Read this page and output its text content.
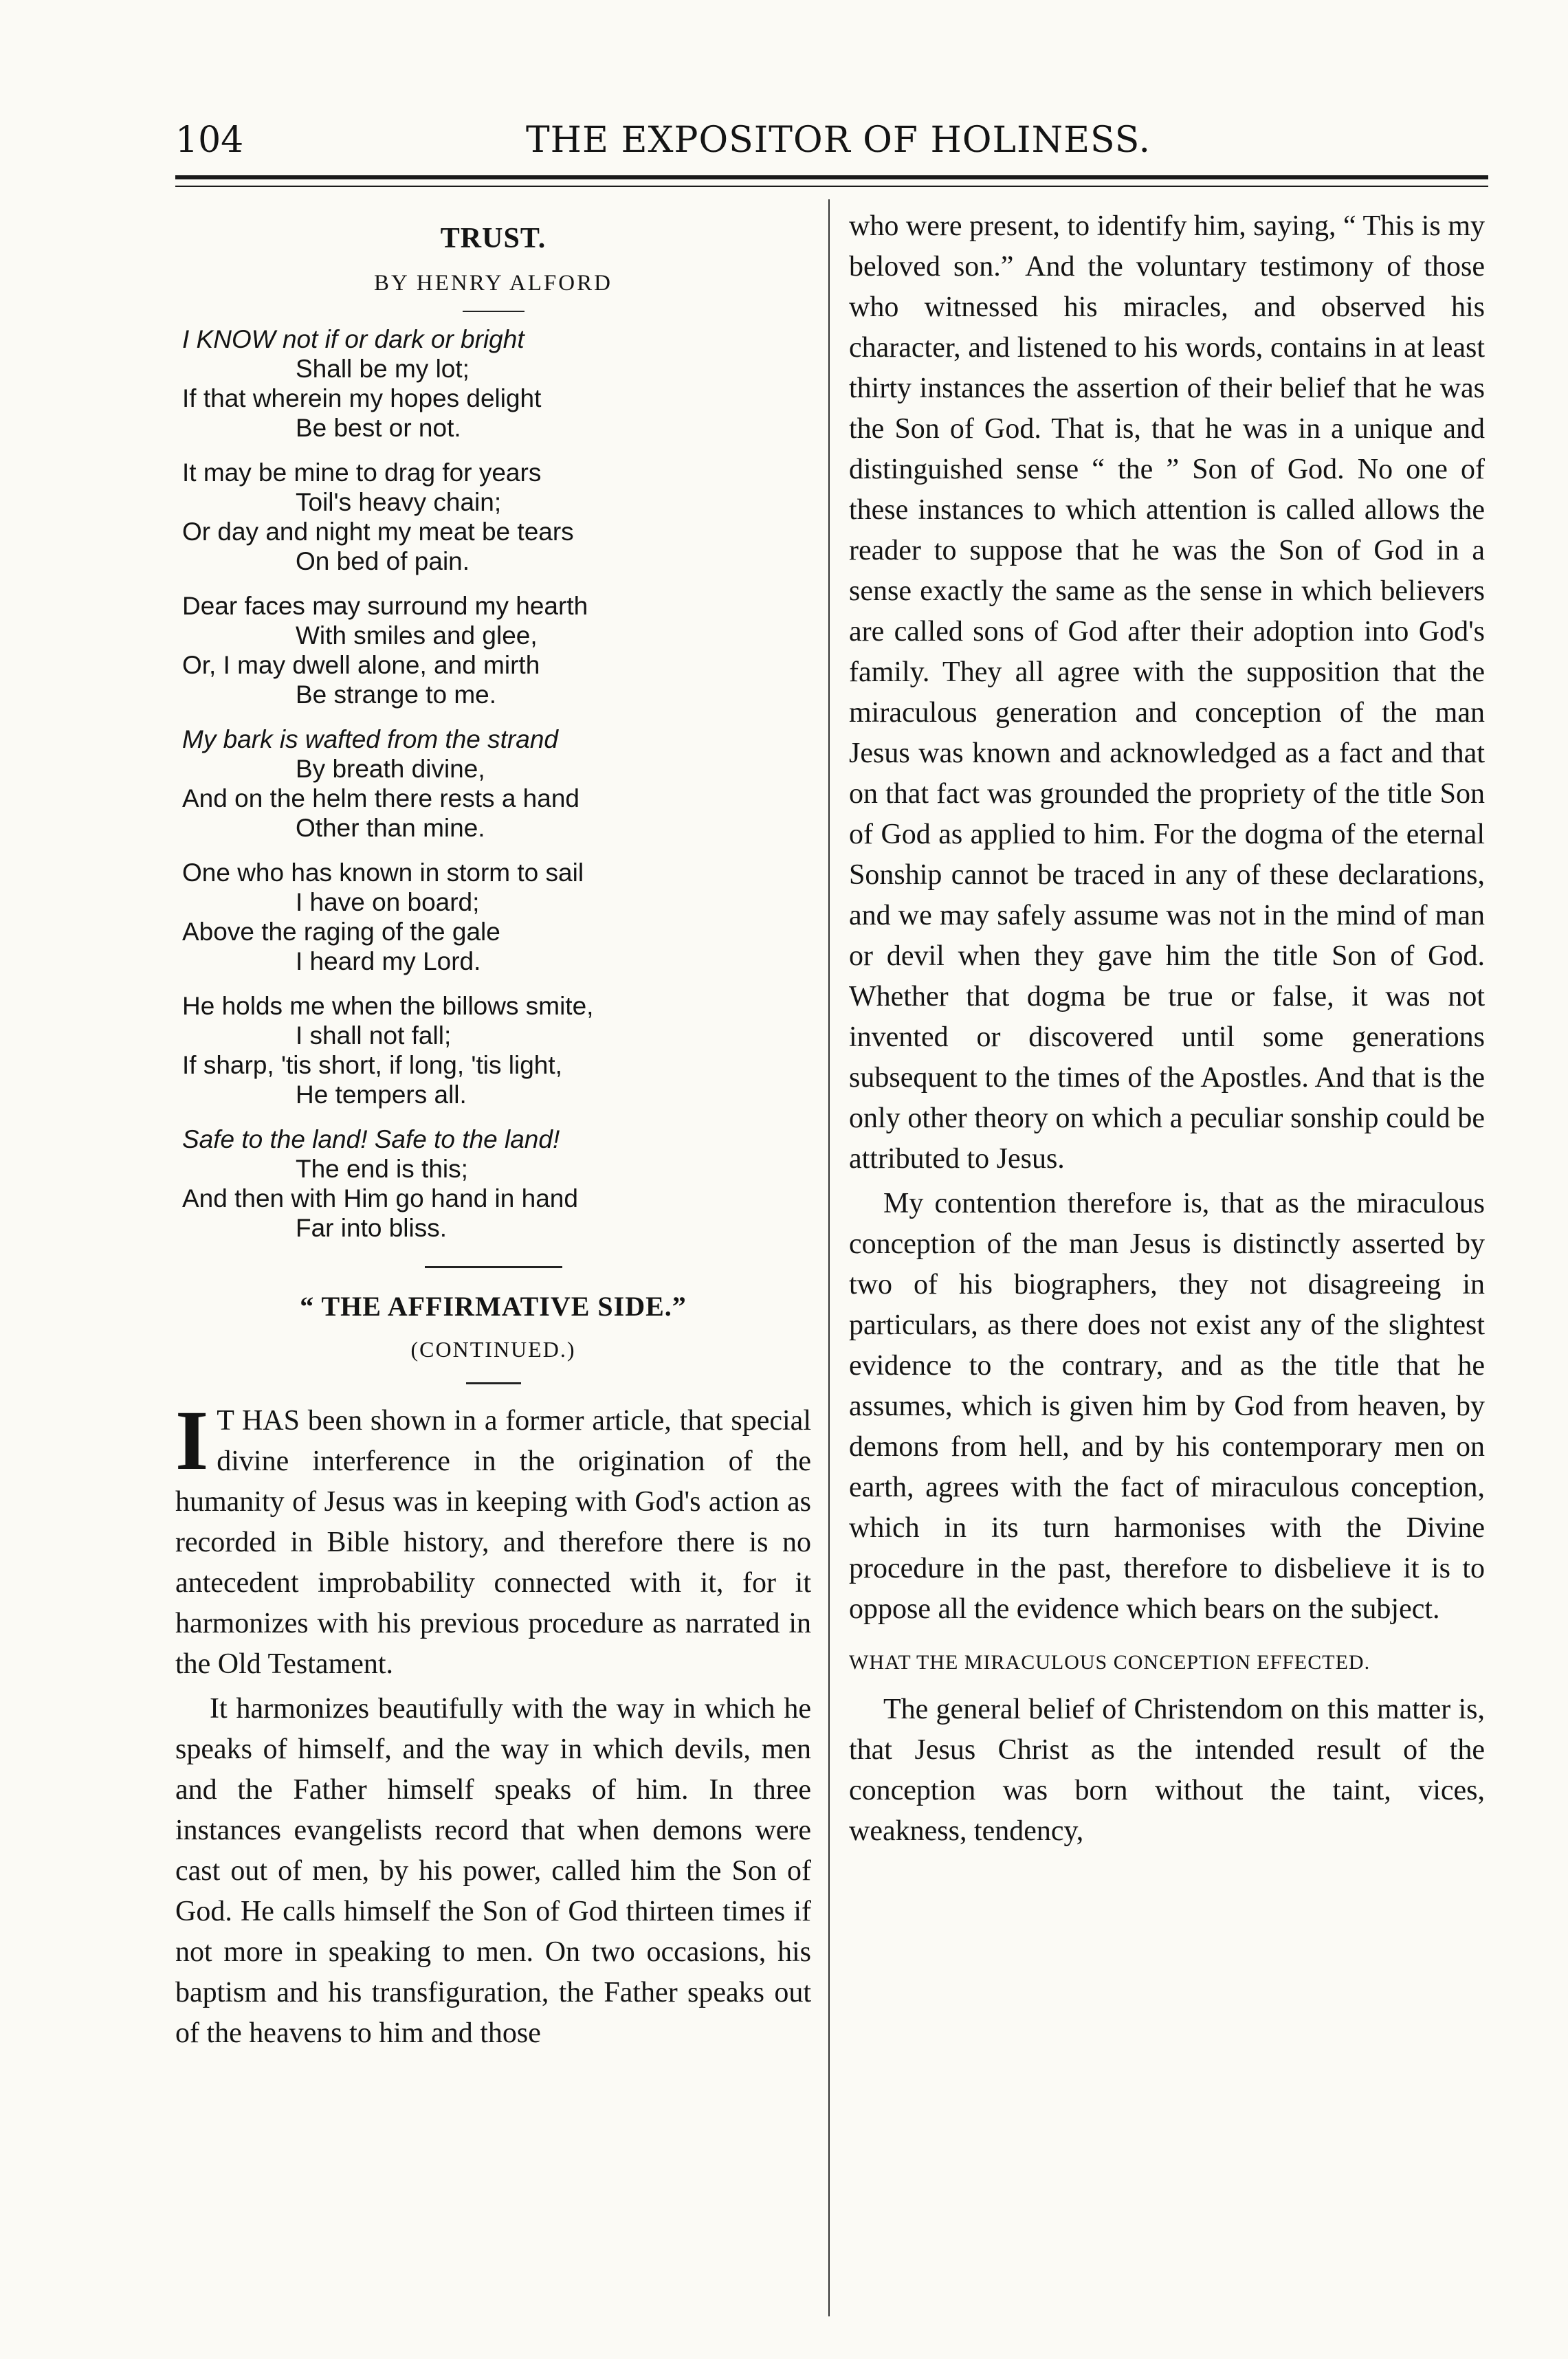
104	THE EXPOSITOR OF HOLINESS.
TRUST.
BY HENRY ALFORD
I KNOW not if or dark or bright
Shall be my lot;
If that wherein my hopes delight
Be best or not.
It may be mine to drag for years
Toil's heavy chain;
Or day and night my meat be tears
On bed of pain.
Dear faces may surround my hearth
With smiles and glee,
Or, I may dwell alone, and mirth
Be strange to me.
My bark is wafted from the strand
By breath divine,
And on the helm there rests a hand
Other than mine.
One who has known in storm to sail
I have on board;
Above the raging of the gale
I heard my Lord.
He holds me when the billows smite,
I shall not fall;
If sharp, 'tis short, if long, 'tis light,
He tempers all.
Safe to the land! Safe to the land!
The end is this;
And then with Him go hand in hand
Far into bliss.
“ THE AFFIRMATIVE SIDE.”
(CONTINUED.)

I T HAS been shown in a former article, that special divine interference in the origination of the humanity of Jesus was in keeping with God's action as recorded in Bible history, and therefore there is no antecedent improbability connected with it, for it harmonizes with his previous procedure as narrated in the Old Testament.

It harmonizes beautifully with the way in which he speaks of himself, and the way in which devils, men and the Father himself speaks of him. In three instances evangelists record that when demons were cast out of men, by his power, called him the Son of God. He calls himself the Son of God thirteen times if not more in speaking to men. On two occasions, his baptism and his transfiguration, the Father speaks out of the heavens to him and those

who were present, to identify him, saying, “ This is my beloved son.” And the voluntary testimony of those who witnessed his miracles, and observed his character, and listened to his words, contains in at least thirty instances the assertion of their belief that he was the Son of God. That is, that he was in a unique and distinguished sense “ the ” Son of God. No one of these instances to which attention is called allows the reader to suppose that he was the Son of God in a sense exactly the same as the sense in which believers are called sons of God after their adoption into God's family. They all agree with the supposition that the miraculous generation and conception of the man Jesus was known and acknowledged as a fact and that on that fact was grounded the propriety of the title Son of God as applied to him. For the dogma of the eternal Sonship cannot be traced in any of these declarations, and we may safely assume was not in the mind of man or devil when they gave him the title Son of God. Whether that dogma be true or false, it was not invented or discovered until some generations subsequent to the times of the Apostles. And that is the only other theory on which a peculiar sonship could be attributed to Jesus.

My contention therefore is, that as the miraculous conception of the man Jesus is distinctly asserted by two of his biographers, they not disagreeing in particulars, as there does not exist any of the slightest evidence to the contrary, and as the title that he assumes, which is given him by God from heaven, by demons from hell, and by his contemporary men on earth, agrees with the fact of miraculous conception, which in its turn harmonises with the Divine procedure in the past, therefore to disbelieve it is to oppose all the evidence which bears on the subject.

WHAT THE MIRACULOUS CONCEPTION EFFECTED.

The general belief of Christendom on this matter is, that Jesus Christ as the intended result of the conception was born without the taint, vices, weakness, tendency,
